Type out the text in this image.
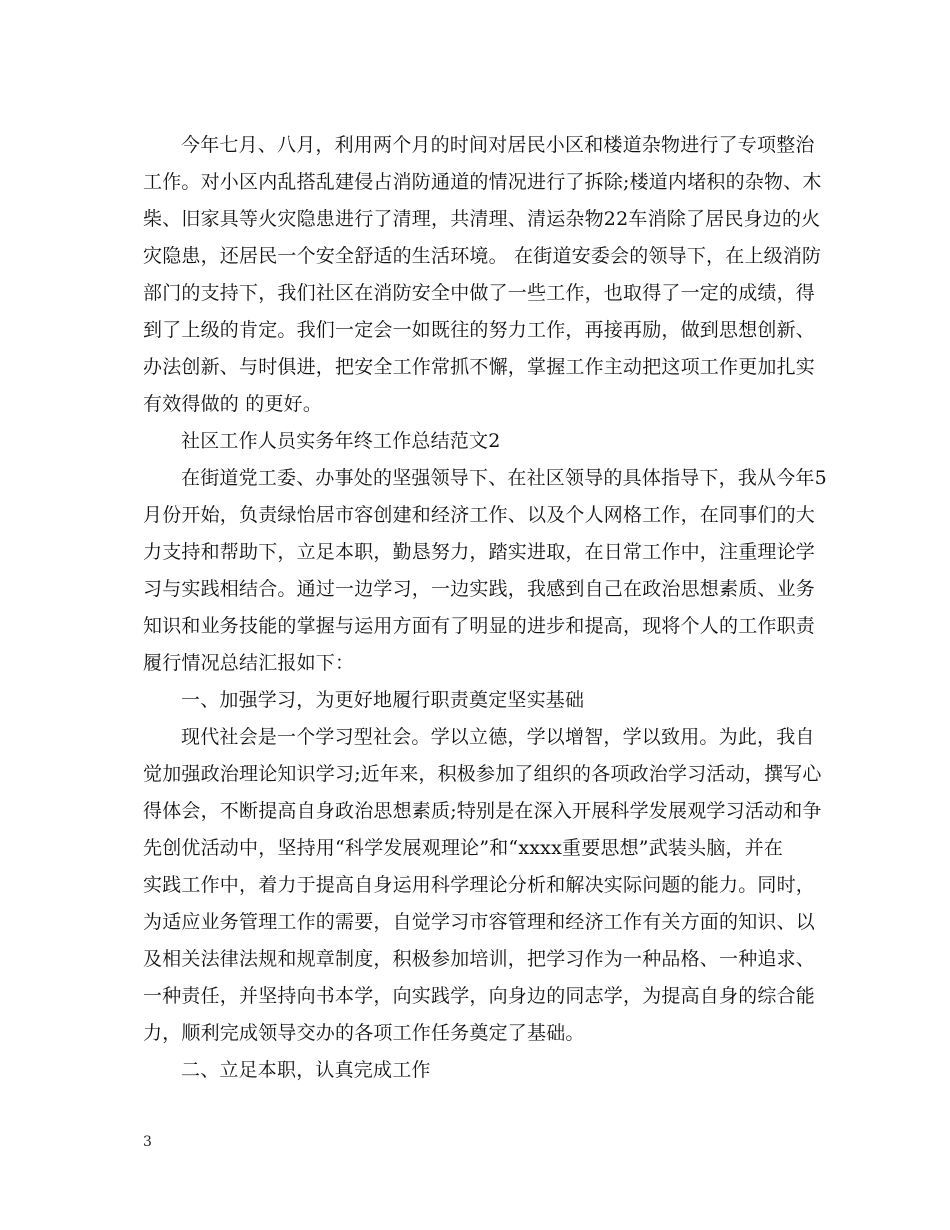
今年七月、八月，利用两个月的时间对居民小区和楼道杂物进行了专项整治
工作。对小区内乱搭乱建侵占消防通道的情况进行了拆除;楼道内堵积的杂物、木
柴、旧家具等火灾隐患进行了清理，共清理、清运杂物22车消除了居民身边的火
灾隐患，还居民一个安全舒适的生活环境。 在街道安委会的领导下，在上级消防
部门的支持下，我们社区在消防安全中做了一些工作，也取得了一定的成绩，得
到了上级的肯定。我们一定会一如既往的努力工作，再接再励，做到思想创新、
办法创新、与时俱进，把安全工作常抓不懈，掌握工作主动把这项工作更加扎实
有效得做的 的更好。
社区工作人员实务年终工作总结范文2
在街道党工委、办事处的坚强领导下、在社区领导的具体指导下，我从今年5
月份开始，负责绿怡居市容创建和经济工作、以及个人网格工作，在同事们的大
力支持和帮助下，立足本职，勤恳努力，踏实进取，在日常工作中，注重理论学
习与实践相结合。通过一边学习，一边实践，我感到自己在政治思想素质、业务
知识和业务技能的掌握与运用方面有了明显的进步和提高，现将个人的工作职责
履行情况总结汇报如下：
一、加强学习，为更好地履行职责奠定坚实基础
现代社会是一个学习型社会。学以立德，学以增智，学以致用。为此，我自
觉加强政治理论知识学习;近年来，积极参加了组织的各项政治学习活动，撰写心
得体会，不断提高自身政治思想素质;特别是在深入开展科学发展观学习活动和争
先创优活动中，坚持用“科学发展观理论”和“xxxx重要思想”武装头脑，并在
实践工作中，着力于提高自身运用科学理论分析和解决实际问题的能力。同时，
为适应业务管理工作的需要，自觉学习市容管理和经济工作有关方面的知识、以
及相关法律法规和规章制度，积极参加培训，把学习作为一种品格、一种追求、
一种责任，并坚持向书本学，向实践学，向身边的同志学，为提高自身的综合能
力，顺利完成领导交办的各项工作任务奠定了基础。
二、立足本职，认真完成工作
3
